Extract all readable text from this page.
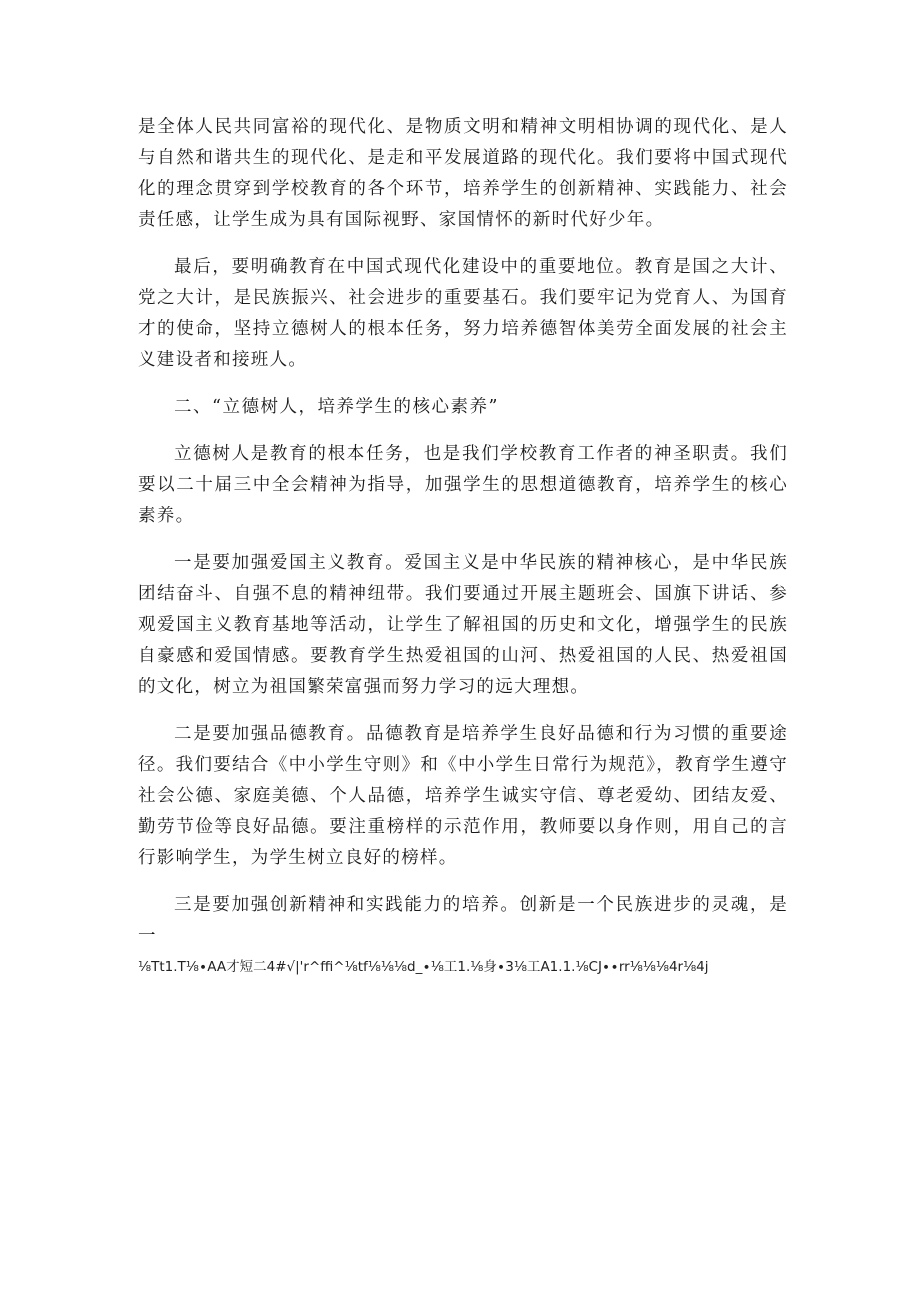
是全体人民共同富裕的现代化、是物质文明和精神文明相协调的现代化、是人与自然和谐共生的现代化、是走和平发展道路的现代化。我们要将中国式现代化的理念贯穿到学校教育的各个环节，培养学生的创新精神、实践能力、社会责任感，让学生成为具有国际视野、家国情怀的新时代好少年。

最后，要明确教育在中国式现代化建设中的重要地位。教育是国之大计、党之大计，是民族振兴、社会进步的重要基石。我们要牢记为党育人、为国育才的使命，坚持立德树人的根本任务，努力培养德智体美劳全面发展的社会主义建设者和接班人。

二、“立德树人，培养学生的核心素养”

立德树人是教育的根本任务，也是我们学校教育工作者的神圣职责。我们要以二十届三中全会精神为指导，加强学生的思想道德教育，培养学生的核心素养。

一是要加强爱国主义教育。爱国主义是中华民族的精神核心，是中华民族团结奋斗、自强不息的精神纽带。我们要通过开展主题班会、国旗下讲话、参观爱国主义教育基地等活动，让学生了解祖国的历史和文化，增强学生的民族自豪感和爱国情感。要教育学生热爱祖国的山河、热爱祖国的人民、热爱祖国的文化，树立为祖国繁荣富强而努力学习的远大理想。

二是要加强品德教育。品德教育是培养学生良好品德和行为习惯的重要途径。我们要结合《中小学生守则》和《中小学生日常行为规范》，教育学生遵守社会公德、家庭美德、个人品德，培养学生诚实守信、尊老爱幼、团结友爱、勤劳节俭等良好品德。要注重榜样的示范作用，教师要以身作则，用自己的言行影响学生，为学生树立良好的榜样。

三是要加强创新精神和实践能力的培养。创新是一个民族进步的灵魂，是一

⅛Tt1.T⅛∙AA才短二4#√|'r^ffi^⅛tf⅛⅛⅛d_∙⅛工1.⅛身∙3⅛工A1.1.⅛CJ∙∙rr⅛⅛⅛4r⅛4j
